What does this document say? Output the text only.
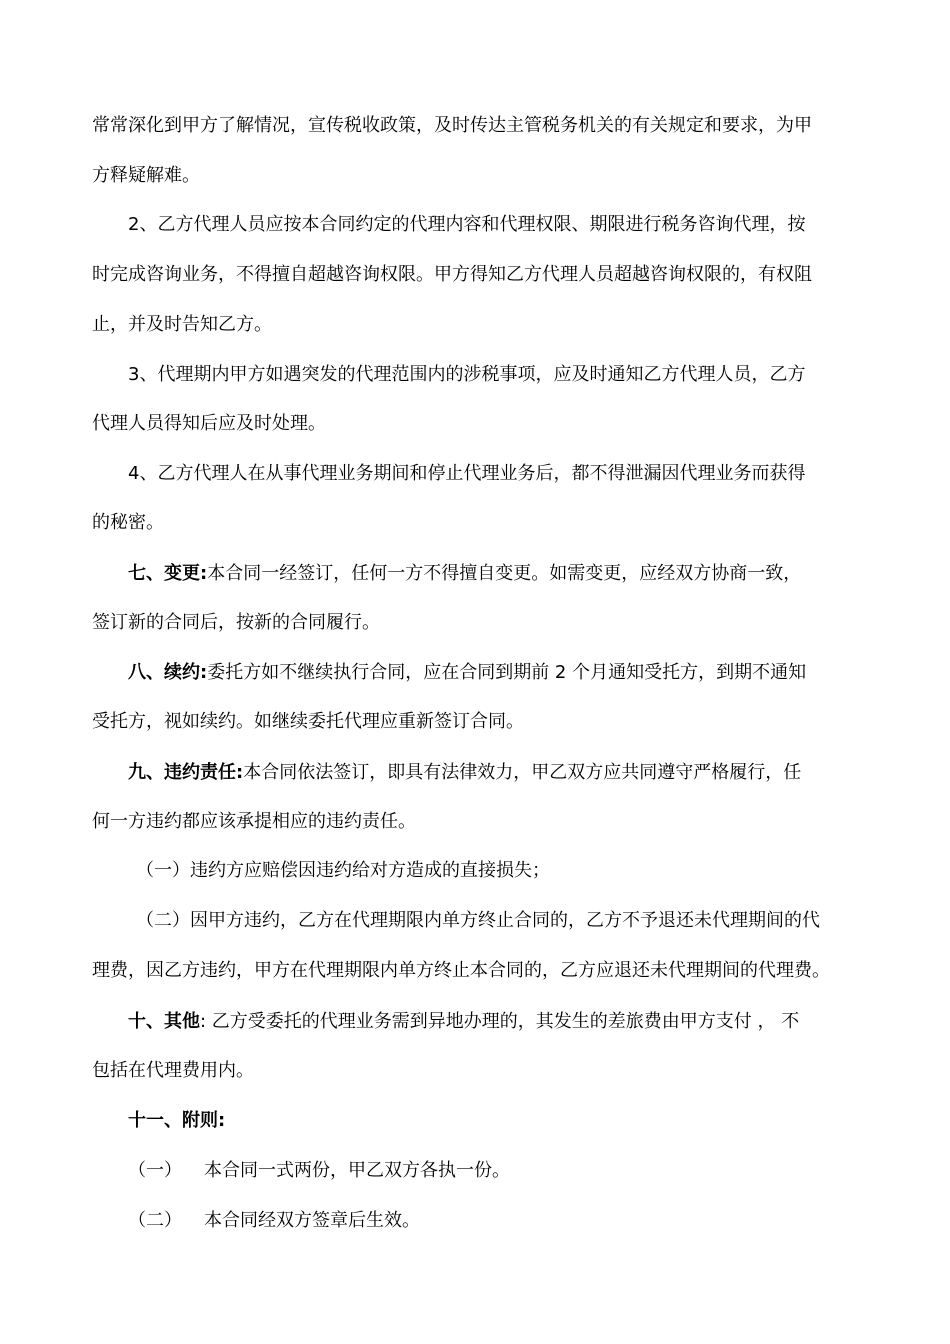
常常深化到甲方了解情况，宣传税收政策，及时传达主管税务机关的有关规定和要求，为甲
方释疑解难。
2、乙方代理人员应按本合同约定的代理内容和代理权限、期限进行税务咨询代理，按
时完成咨询业务，不得擅自超越咨询权限。甲方得知乙方代理人员超越咨询权限的，有权阻
止，并及时告知乙方。
3、代理期内甲方如遇突发的代理范围内的涉税事项，应及时通知乙方代理人员，乙方
代理人员得知后应及时处理。
4、乙方代理人在从事代理业务期间和停止代理业务后，都不得泄漏因代理业务而获得
的秘密。
七、变更:本合同一经签订，任何一方不得擅自变更。如需变更，应经双方协商一致，
签订新的合同后，按新的合同履行。
八、续约:委托方如不继续执行合同，应在合同到期前 2 个月通知受托方，到期不通知
受托方，视如续约。如继续委托代理应重新签订合同。
九、违约责任:本合同依法签订，即具有法律效力，甲乙双方应共同遵守严格履行，任
何一方违约都应该承提相应的违约责任。
（一）违约方应赔偿因违约给对方造成的直接损失；
（二）因甲方违约，乙方在代理期限内单方终止合同的，乙方不予退还未代理期间的代
理费，因乙方违约，甲方在代理期限内单方终止本合同的，乙方应退还未代理期间的代理费。
十、其他: 乙方受委托的代理业务需到异地办理的，其发生的差旅费由甲方支付 ， 不
包括在代理费用内。
十一、附则:
（一） 本合同一式两份，甲乙双方各执一份。
（二） 本合同经双方签章后生效。
